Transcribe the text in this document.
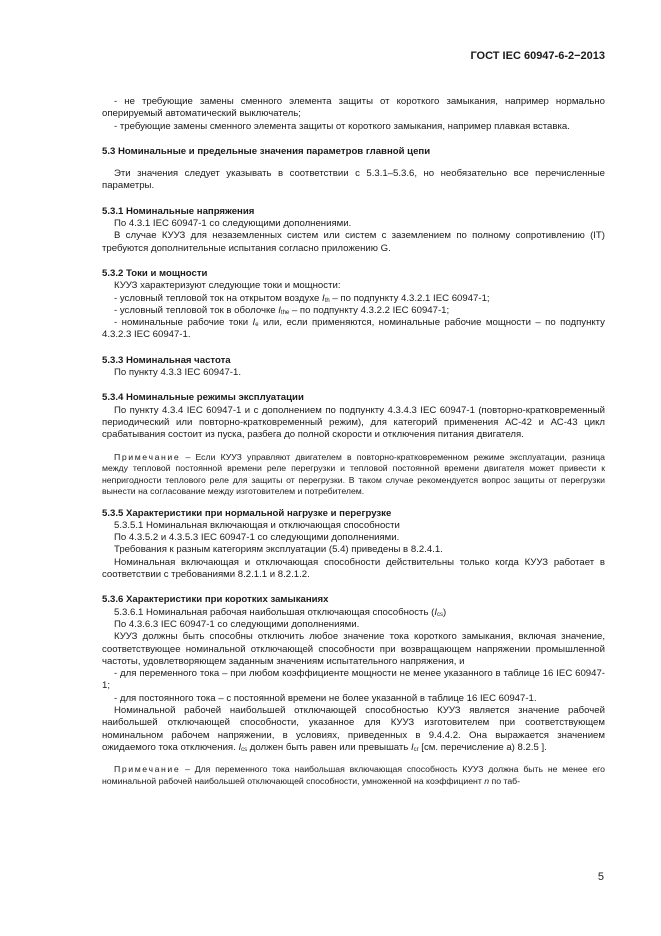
ГОСТ IEC 60947-6-2−2013

- не требующие замены сменного элемента защиты от короткого замыкания, например нормально оперируемый автоматический выключатель;

- требующие замены сменного элемента защиты от короткого замыкания, например плавкая вставка.

5.3 Номинальные и предельные значения параметров главной цепи

Эти значения следует указывать в соответствии с 5.3.1–5.3.6, но необязательно все перечисленные параметры.

5.3.1 Номинальные напряжения

По 4.3.1 IEC 60947-1 со следующими дополнениями.

В случае КУУЗ для незаземленных систем или систем с заземлением по полному сопротивлению (IT) требуются дополнительные испытания согласно приложению G.

5.3.2 Токи и мощности

КУУЗ характеризуют следующие токи и мощности:

- условный тепловой ток на открытом воздухе $I_{th}$ – по подпункту 4.3.2.1 IEC 60947-1;

- условный тепловой ток в оболочке $I_{the}$ – по подпункту 4.3.2.2 IEC 60947-1;

- номинальные рабочие токи $I_e$ или, если применяются, номинальные рабочие мощности – по подпункту 4.3.2.3 IEC 60947-1.

5.3.3 Номинальная частота

По пункту 4.3.3 IEC 60947-1.

5.3.4 Номинальные режимы эксплуатации

По пункту 4.3.4 IEC 60947-1 и с дополнением по подпункту 4.3.4.3 IEC 60947-1 (повторно-кратковременный периодический или повторно-кратковременный режим), для категорий применения АС-42 и АС-43 цикл срабатывания состоит из пуска, разбега до полной скорости и отключения питания двигателя.

Примечание – Если КУУЗ управляют двигателем в повторно-кратковременном режиме эксплуатации, разница между тепловой постоянной времени реле перегрузки и тепловой постоянной времени двигателя может привести к непригодности теплового реле для защиты от перегрузки. В таком случае рекомендуется вопрос защиты от перегрузки вынести на согласование между изготовителем и потребителем.

5.3.5 Характеристики при нормальной нагрузке и перегрузке

5.3.5.1 Номинальная включающая и отключающая способности

По 4.3.5.2 и 4.3.5.3 IEC 60947-1 со следующими дополнениями.

Требования к разным категориям эксплуатации (5.4) приведены в 8.2.4.1.

Номинальная включающая и отключающая способности действительны только когда КУУЗ работает в соответствии с требованиями 8.2.1.1 и 8.2.1.2.

5.3.6 Характеристики при коротких замыканиях

5.3.6.1 Номинальная рабочая наибольшая отключающая способность $(I_{cs})$

По 4.3.6.3 IEC 60947-1 со следующими дополнениями.

КУУЗ должны быть способны отключить любое значение тока короткого замыкания, включая значение, соответствующее номинальной отключающей способности при возвращающем напряжении промышленной частоты, удовлетворяющем заданным значениям испытательного напряжения, и

- для переменного тока – при любом коэффициенте мощности не менее указанного в таблице 16 IEC 60947-1;

- для постоянного тока – с постоянной времени не более указанной в таблице 16 IEC 60947-1.

Номинальной рабочей наибольшей отключающей способностью КУУЗ является значение рабочей наибольшей отключающей способности, указанное для КУУЗ изготовителем при соответствующем номинальном рабочем напряжении, в условиях, приведенных в 9.4.4.2. Она выражается значением ожидаемого тока отключения. $I_{cs}$ должен быть равен или превышать $I_{cr}$ [см. перечисление a) 8.2.5 ].

Примечание – Для переменного тока наибольшая включающая способность КУУЗ должна быть не менее его номинальной рабочей наибольшей отключающей способности, умноженной на коэффициент n по таб-

5
